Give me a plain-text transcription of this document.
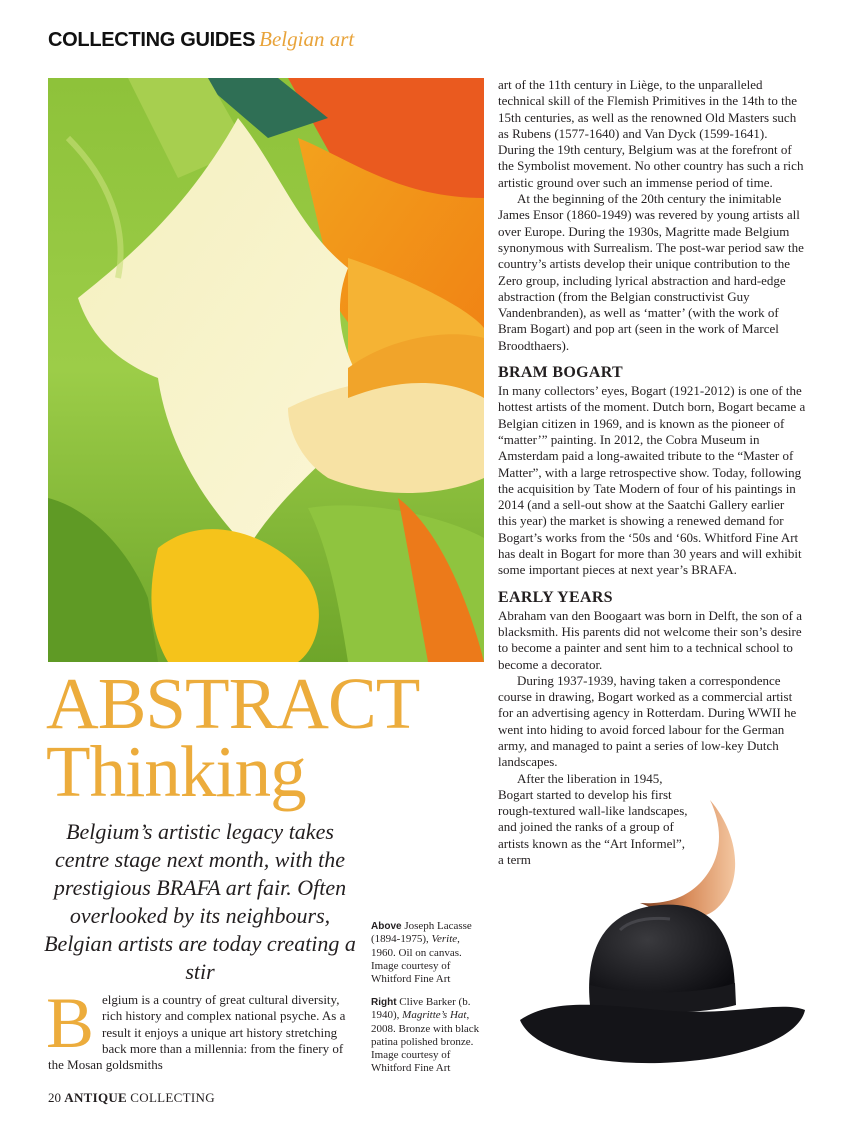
COLLECTING GUIDES Belgian art
ABSTRACT
Thinking
Belgium’s artistic legacy takes centre stage next month, with the prestigious BRAFA art fair. Often overlooked by its neighbours, Belgian artists are today creating a stir
Above Joseph Lacasse (1894-1975), Verite, 1960. Oil on canvas. Image courtesy of Whitford Fine Art
Right Clive Barker (b. 1940), Magritte’s Hat, 2008. Bronze with black patina polished bronze. Image courtesy of Whitford Fine Art
Belgium is a country of great cultural diversity, rich history and complex national psyche. As a result it enjoys a unique art history stretching back more than a millennia: from the finery of the Mosan goldsmiths

art of the 11th century in Liège, to the unparalleled technical skill of the Flemish Primitives in the 14th to the 15th centuries, as well as the renowned Old Masters such as Rubens (1577-1640) and Van Dyck (1599-1641). During the 19th century, Belgium was at the forefront of the Symbolist movement. No other country has such a rich artistic ground over such an immense period of time.

At the beginning of the 20th century the inimitable James Ensor (1860-1949) was revered by young artists all over Europe. During the 1930s, Magritte made Belgium synonymous with Surrealism. The post-war period saw the country’s artists develop their unique contribution to the Zero group, including lyrical abstraction and hard-edge abstraction (from the Belgian constructivist Guy Vandenbranden), as well as ‘matter’ (with the work of Bram Bogart) and pop art (seen in the work of Marcel Broodthaers).

BRAM BOGART

In many collectors’ eyes, Bogart (1921-2012) is one of the hottest artists of the moment. Dutch born, Bogart became a Belgian citizen in 1969, and is known as the pioneer of “matter’” painting. In 2012, the Cobra Museum in Amsterdam paid a long-awaited tribute to the “Master of Matter”, with a large retrospective show. Today, following the acquisition by Tate Modern of four of his paintings in 2014 (and a sell-out show at the Saatchi Gallery earlier this year) the market is showing a renewed demand for Bogart’s works from the ‘50s and ‘60s. Whitford Fine Art has dealt in Bogart for more than 30 years and will exhibit some important pieces at next year’s BRAFA.

EARLY YEARS

Abraham van den Boogaart was born in Delft, the son of a blacksmith. His parents did not welcome their son’s desire to become a painter and sent him to a technical school to become a decorator.

During 1937-1939, having taken a correspondence course in drawing, Bogart worked as a commercial artist for an advertising agency in Rotterdam. During WWII he went into hiding to avoid forced labour for the German army, and managed to paint a series of low-key Dutch landscapes.

After the liberation in 1945, Bogart started to develop his first rough-textured wall-like landscapes, and joined the ranks of a group of artists known as the “Art Informel”, a term

20 ANTIQUE COLLECTING
